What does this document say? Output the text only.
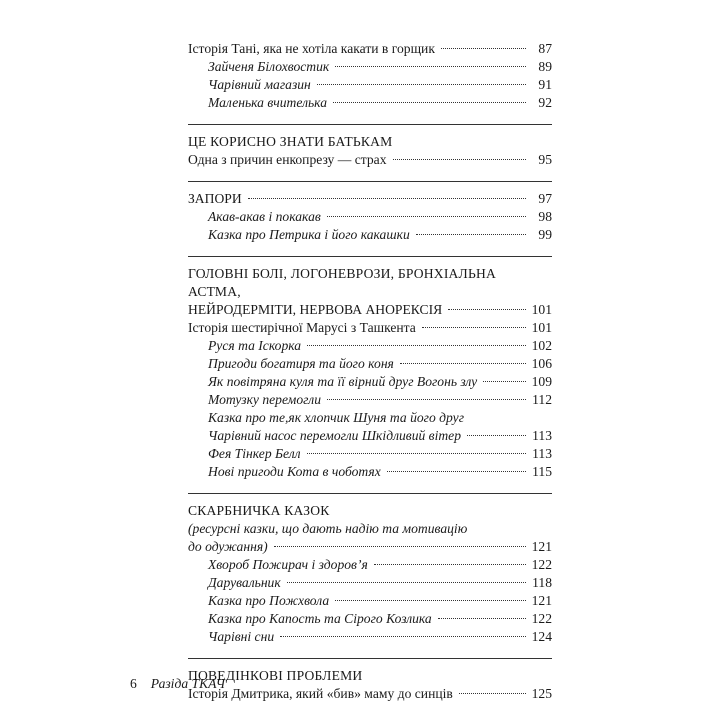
Історія Тані, яка не хотіла какати в горщик	87
Зайченя Білохвостик	89
Чарівний магазин	91
Маленька вчителька	92
ЦЕ КОРИСНО ЗНАТИ БАТЬКАМ
Одна з причин енкопрезу — страх	95
ЗАПОРИ	97
Акав-акав і покакав	98
Казка про Петрика і його какашки	99
ГОЛОВНІ БОЛІ, ЛОГОНЕВРОЗИ, БРОНХІАЛЬНА АСТМА,
НЕЙРОДЕРМІТИ, НЕРВОВА АНОРЕКСІЯ	101
Історія шестирічної Марусі з Ташкента	101
Руся та Іскорка	102
Пригоди богатиря та його коня	106
Як повітряна куля та її вірний друг Вогонь злу	109
Мотузку перемогли	112
Казка про те,як хлопчик Шуня та його друг
Чарівний насос перемогли Шкідливий вітер	113
Фея Тінкер Белл	113
Нові пригоди Кота в чоботях	115
СКАРБНИЧКА КАЗОК
(ресурсні казки, що дають надію та мотивацію
до одужання)	121
Хвороб Пожирач і здоров’я	122
Дарувальник	118
Казка про Пожхвола	121
Казка про Капость та Сірого Козлика	122
Чарівні сни	124
ПОВЕДІНКОВІ ПРОБЛЕМИ
Історія Дмитрика, який «бив» маму до синців	125
6 Разіда ТКАЧ
